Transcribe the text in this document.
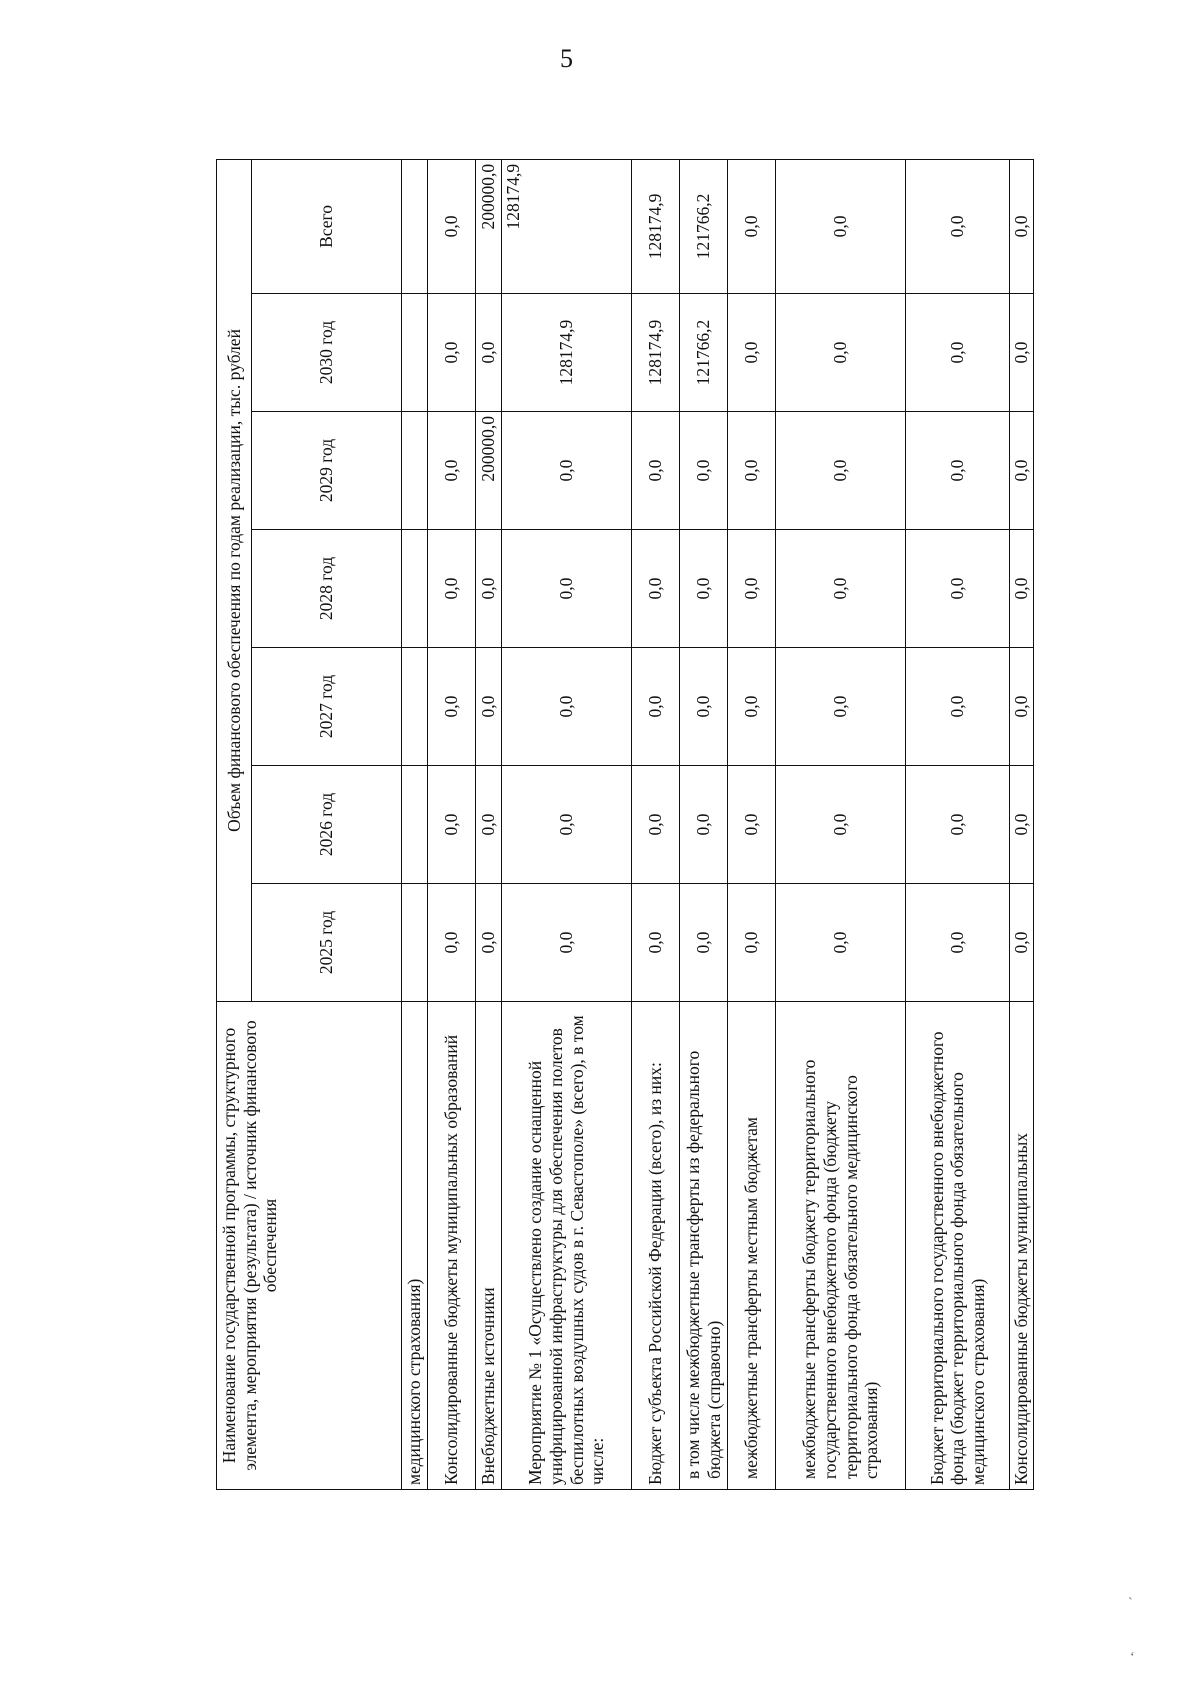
5
Наименование государственной программы, структурного элемента, мероприятия (результата) / источник финансового обеспечения	Объем финансового обеспечения по годам реализации, тыс. рублей						
	2025 год	2026 год	2027 год	2028 год	2029 год	2030 год	Всего
медицинского страхования)							
Консолидированные бюджеты муниципальных образований	0,0	0,0	0,0	0,0	0,0	0,0	0,0
Внебюджетные источники	0,0	0,0	0,0	0,0	200000,0	0,0	200000,0
Мероприятие № 1 «Осуществлено создание оснащенной унифицированной инфраструктуры для обеспечения полетов беспилотных воздушных судов в г. Севастополе» (всего), в том числе:	0,0	0,0	0,0	0,0	0,0	128174,9	128174,9
Бюджет субъекта Российской Федерации (всего), из них:	0,0	0,0	0,0	0,0	0,0	128174,9	128174,9
в том числе межбюджетные трансферты из федерального бюджета (справочно)	0,0	0,0	0,0	0,0	0,0	121766,2	121766,2
межбюджетные трансферты местным бюджетам	0,0	0,0	0,0	0,0	0,0	0,0	0,0
межбюджетные трансферты бюджету территориального государственного внебюджетного фонда (бюджету территориального фонда обязательного медицинского страхования)	0,0	0,0	0,0	0,0	0,0	0,0	0,0
Бюджет территориального государственного внебюджетного фонда (бюджет территориального фонда обязательного медицинского страхования)	0,0	0,0	0,0	0,0	0,0	0,0	0,0
Консолидированные бюджеты муниципальных	0,0	0,0	0,0	0,0	0,0	0,0	0,0
`
‘
